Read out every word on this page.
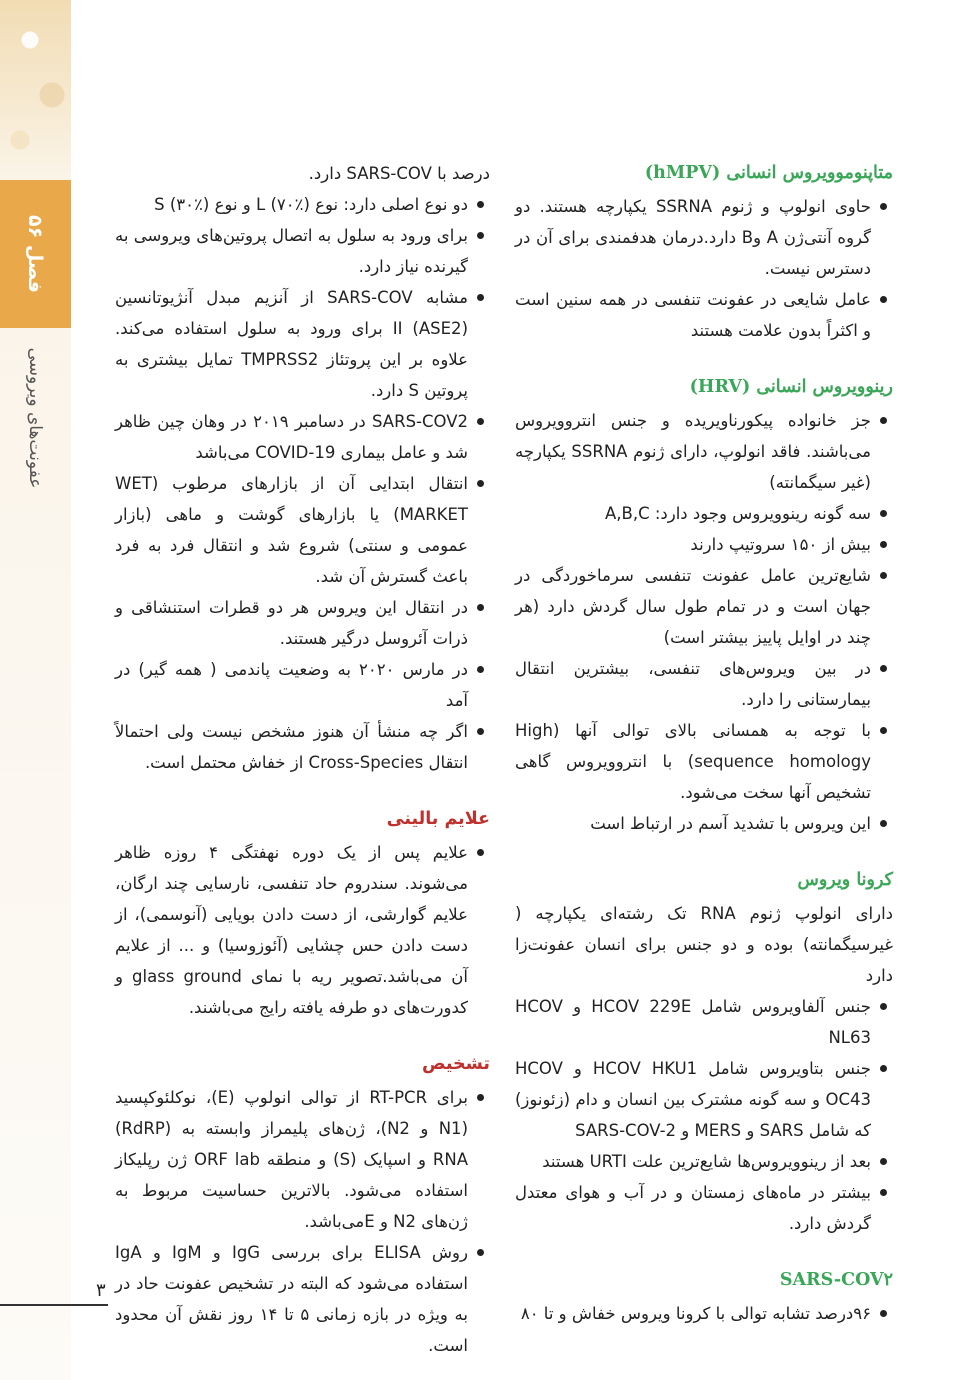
فصل ۵۶
عفونت‌های ویروسی
۳
متاپنوموویروس انسانی (hMPV)
حاوی انولوپ و ژنوم SSRNA یکپارچه هستند. دو گروه آنتی‌ژن A وB دارد.درمان هدفمندی برای آن در دسترس نیست.
عامل شایعی در عفونت تنفسی در همه سنین است و اکثراً بدون علامت هستند
رینوویروس انسانی (HRV)
جز خانواده پیکورناویریده و جنس انتروویروس می‌باشند. فاقد انولوپ، دارای ژنوم SSRNA یکپارچه (غیر سیگمانته)
سه گونه رینوویروس وجود دارد: A,B,C
بیش از ۱۵۰ سروتیپ دارند
شایع‌ترین عامل عفونت تنفسی سرماخوردگی در جهان است و در تمام طول سال گردش دارد (هر چند در اوایل پاییز بیشتر است)
در بین ویروس‌های تنفسی، بیشترین انتقال بیمارستانی را دارد.
با توجه به همسانی بالای توالی آنها (High sequence homology) با انتروویروس گاهی تشخیص آنها سخت می‌شود.
این ویروس با تشدید آسم در ارتباط است
کرونا ویروس

دارای انولوپ ژنوم RNA تک رشته‌ای یکپارچه ( غیرسیگمانته) بوده و دو جنس برای انسان عفونت‌زا دارد

جنس آلفاویروس شامل HCOV 229E و HCOV NL63
جنس بتاویروس شامل HCOV HKU1 و HCOV OC43 و سه گونه مشترک بین انسان و دام (زئونوز) که شامل SARS و MERS و SARS-COV-2
بعد از رینوویروس‌ها شایع‌ترین علت URTI هستند
بیشتر در ماه‌های زمستان و در آب و هوای معتدل گردش دارد.
SARS-COV۲
۹۶درصد تشابه توالی با کرونا ویروس خفاش و تا ۸۰
درصد با SARS-COV دارد.
دو نوع اصلی دارد: نوع L (۷۰٪) و نوع S (۳۰٪)
برای ورود به سلول به اتصال پروتین‌های ویروسی به گیرنده نیاز دارد.
مشابه SARS-COV از آنزیم مبدل آنژیوتانسین (ASE2) II برای ورود به سلول استفاده می‌کند. علاوه بر این پروتئاز TMPRSS2 تمایل بیشتری به پروتین S دارد.
SARS-COV2 در دسامبر ۲۰۱۹ در وهان چین ظاهر شد و عامل بیماری COVID-19 می‌باشد
انتقال ابتدایی آن از بازارهای مرطوب (WET MARKET) یا بازارهای گوشت و ماهی (بازار عمومی و سنتی) شروع شد و انتقال فرد به فرد باعث گسترش آن شد.
در انتقال این ویروس هر دو قطرات استنشاقی و ذرات آئروسل درگیر هستند.
در مارس ۲۰۲۰ به وضعیت پاندمی ( همه گیر) در آمد
اگر چه منشأ آن هنوز مشخص نیست ولی احتمالاً انتقال Cross-Species از خفاش محتمل است.
علایم بالینی
علایم پس از یک دوره نهفتگی ۴ روزه ظاهر می‌شوند. سندروم حاد تنفسی، نارسایی چند ارگان، علایم گوارشی، از دست دادن بویایی (آنوسمی)، از دست دادن حس چشایی (آئوزوسیا) و ... از علایم آن می‌باشد.تصویر ریه با نمای glass ground و کدورت‌های دو طرفه یافته رایج می‌باشند.
تشخیص
برای RT-PCR از توالی انولوپ (E)، نوکلئوکپسید (N1 و N2)، ژن‌های پلیمراز وابسته به (RdRP) RNA و اسپایک (S) و منطقه ORF lab ژن رپلیکاز استفاده می‌شود. بالاترین حساسیت مربوط به ژن‌های N2 و Eمی‌باشد.
روش ELISA برای بررسی IgG و IgM و IgA استفاده می‌شود که البته در تشخیص عفونت حاد در به ویژه در بازه زمانی ۵ تا ۱۴ روز نقش آن محدود است.
